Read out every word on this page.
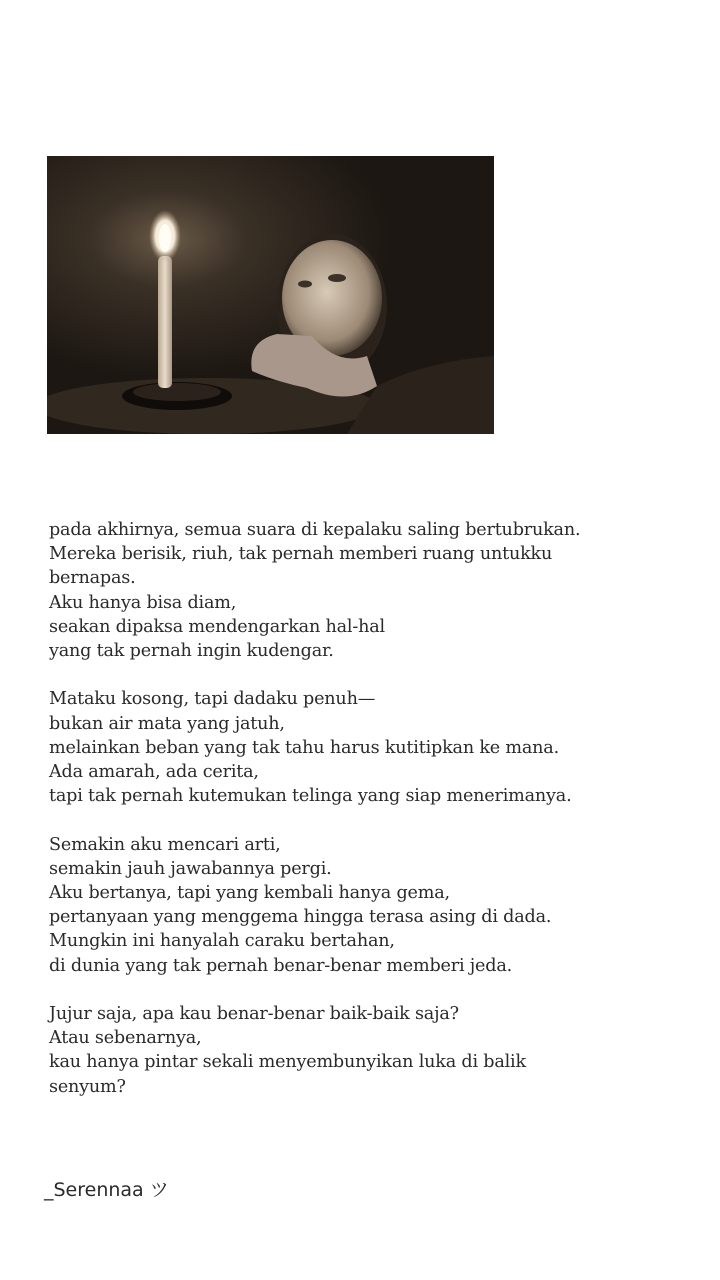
pada akhirnya, semua suara di kepalaku saling bertubrukan.
Mereka berisik, riuh, tak pernah memberi ruang untukku
bernapas.
Aku hanya bisa diam,
seakan dipaksa mendengarkan hal-hal
yang tak pernah ingin kudengar.
Mataku kosong, tapi dadaku penuh—
bukan air mata yang jatuh,
melainkan beban yang tak tahu harus kutitipkan ke mana.
Ada amarah, ada cerita,
tapi tak pernah kutemukan telinga yang siap menerimanya.
Semakin aku mencari arti,
semakin jauh jawabannya pergi.
Aku bertanya, tapi yang kembali hanya gema,
pertanyaan yang menggema hingga terasa asing di dada.
Mungkin ini hanyalah caraku bertahan,
di dunia yang tak pernah benar-benar memberi jeda.
Jujur saja, apa kau benar-benar baik-baik saja?
Atau sebenarnya,
kau hanya pintar sekali menyembunyikan luka di balik
senyum?
_Serennaa ツ
